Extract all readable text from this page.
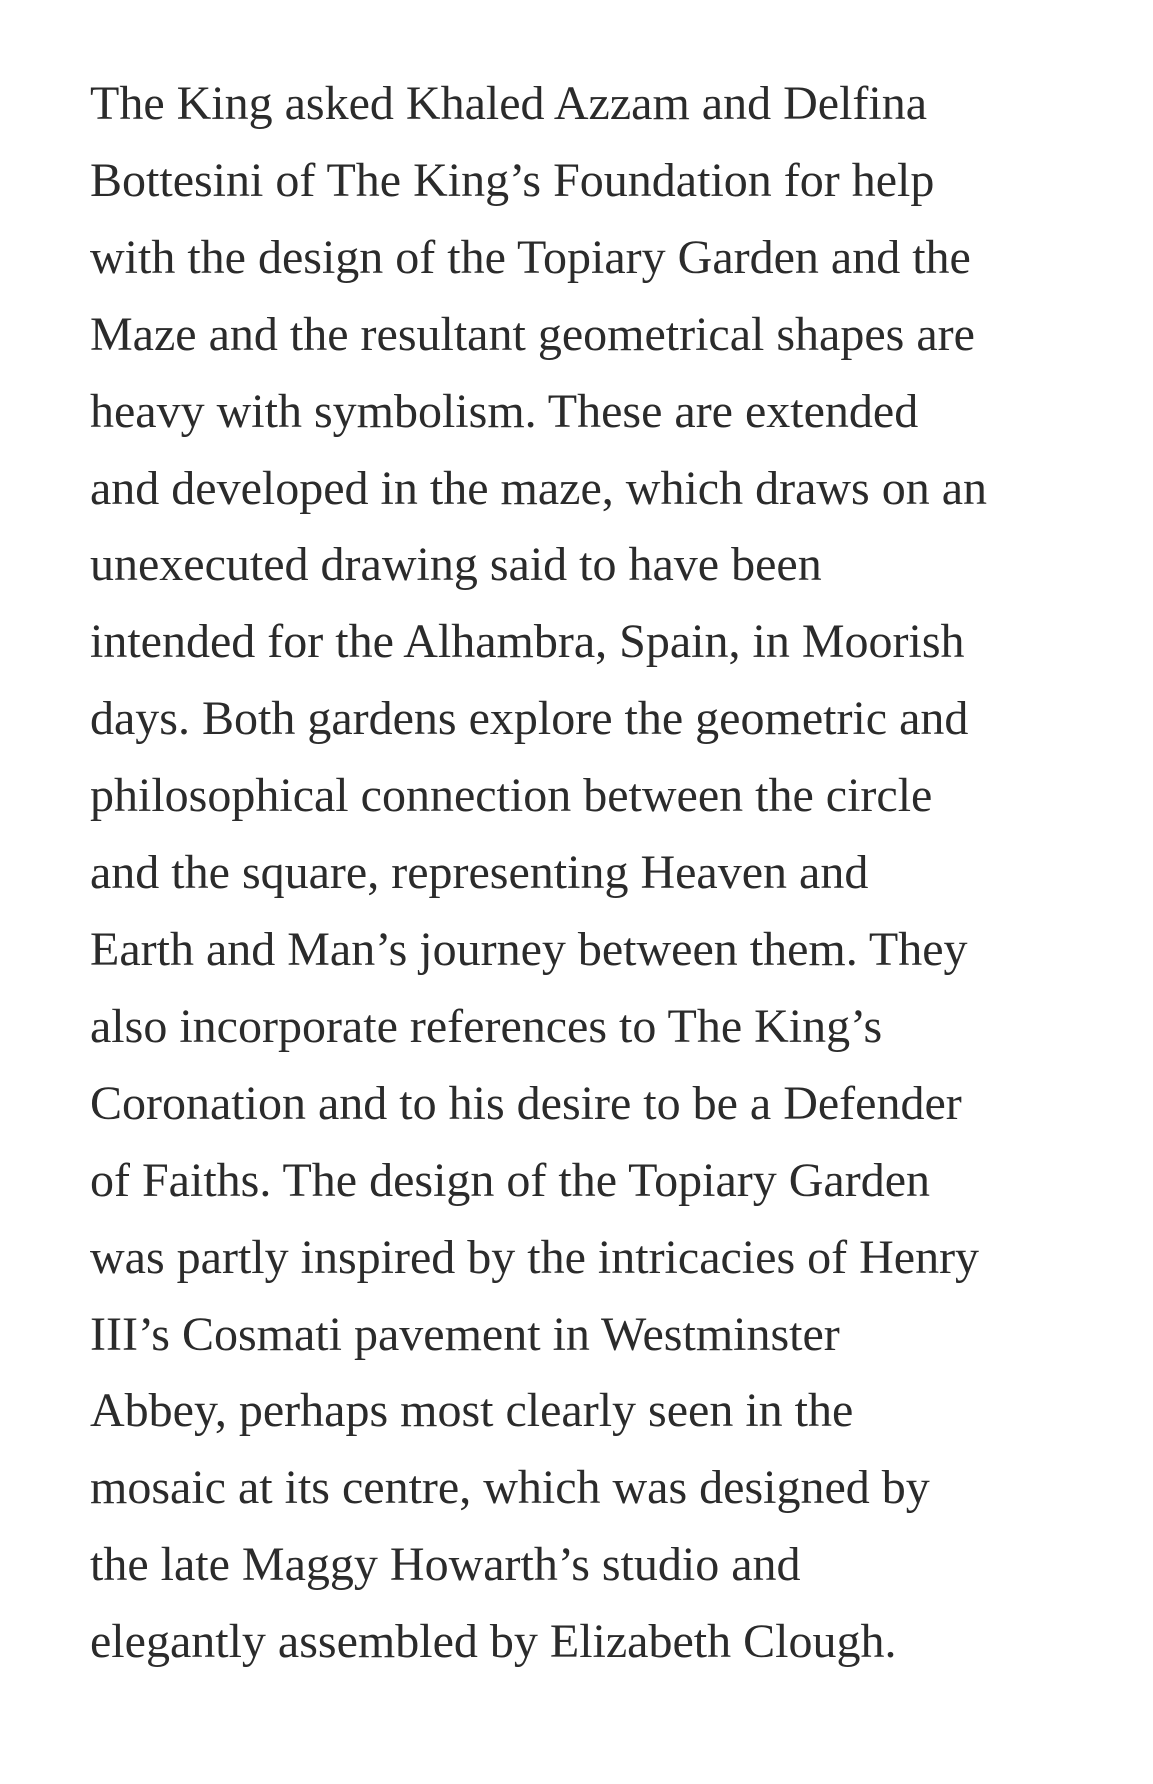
The King asked Khaled Azzam and Delfina
Bottesini of The King’s Foundation for help
with the design of the Topiary Garden and the
Maze and the resultant geometrical shapes are
heavy with symbolism. These are extended
and developed in the maze, which draws on an
unexecuted drawing said to have been
intended for the Alhambra, Spain, in Moorish
days. Both gardens explore the geometric and
philosophical connection between the circle
and the square, representing Heaven and
Earth and Man’s journey between them. They
also incorporate references to The King’s
Coronation and to his desire to be a Defender
of Faiths. The design of the Topiary Garden
was partly inspired by the intricacies of Henry
III’s Cosmati pavement in Westminster
Abbey, perhaps most clearly seen in the
mosaic at its centre, which was designed by
the late Maggy Howarth’s studio and
elegantly assembled by Elizabeth Clough.
